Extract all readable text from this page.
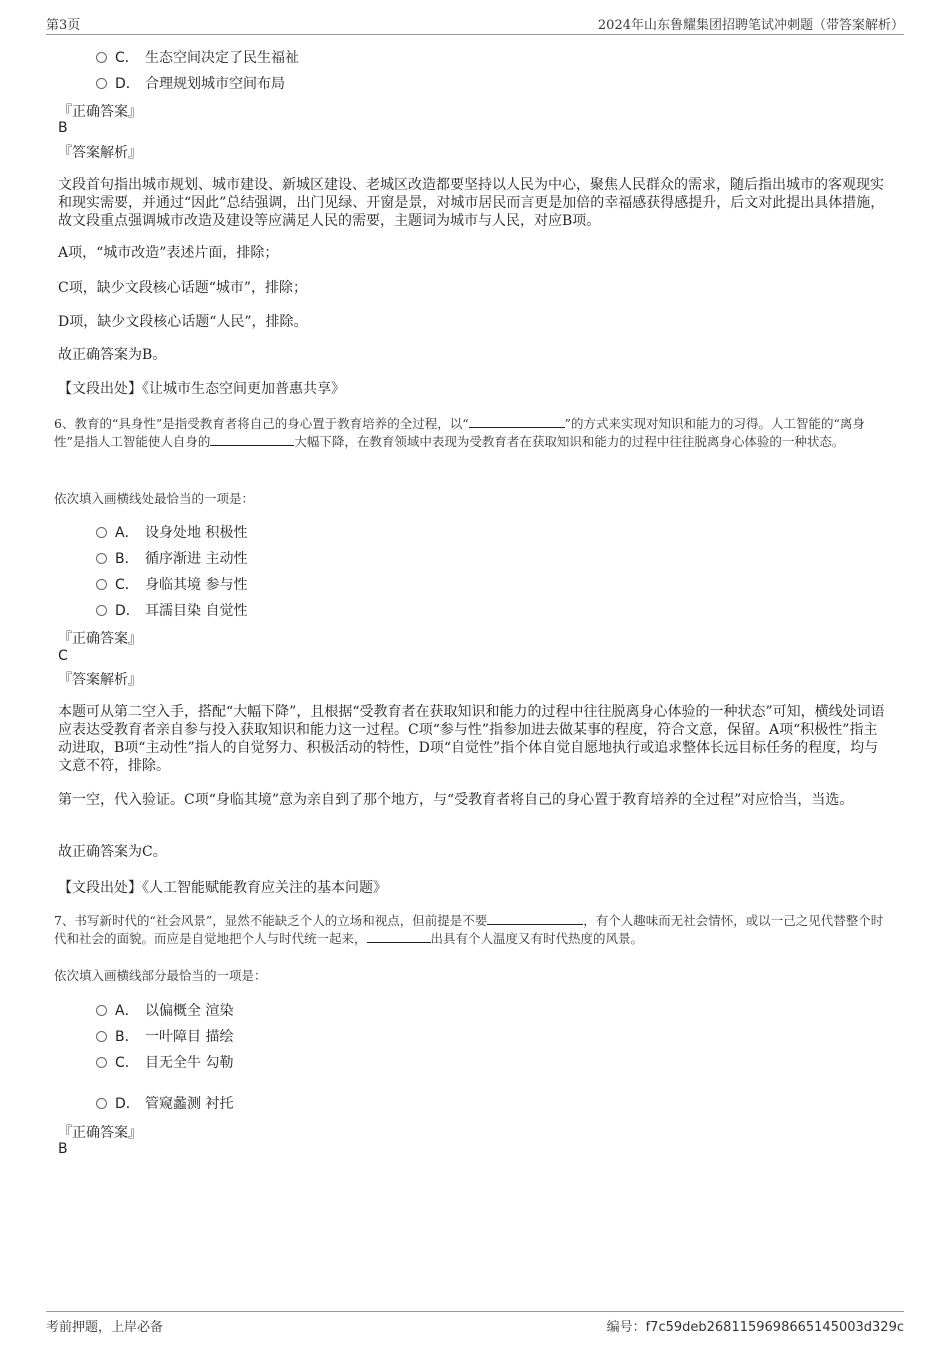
第3页	2024年山东鲁耀集团招聘笔试冲刺题（带答案解析）
C． 生态空间决定了民生福祉
D． 合理规划城市空间布局
『正确答案』
B
『答案解析』
文段首句指出城市规划、城市建设、新城区建设、老城区改造都要坚持以人民为中心，聚焦人民群众的需求，随后指出城市的客观现实和现实需要，并通过“因此”总结强调，出门见绿、开窗是景，对城市居民而言更是加倍的幸福感获得感提升，后文对此提出具体措施，故文段重点强调城市改造及建设等应满足人民的需要，主题词为城市与人民，对应B项。
A项，“城市改造”表述片面，排除；
C项，缺少文段核心话题“城市”，排除；
D项，缺少文段核心话题“人民”，排除。
故正确答案为B。
【文段出处】《让城市生态空间更加普惠共享》
6、教育的“具身性”是指受教育者将自己的身心置于教育培养的全过程，以“	”的方式来实现对知识和能力的习得。人工智能的“离身性”是指人工智能使人自身的	大幅下降，在教育领域中表现为受教育者在获取知识和能力的过程中往往脱离身心体验的一种状态。
依次填入画横线处最恰当的一项是：
A． 设身处地 积极性
B． 循序渐进 主动性
C． 身临其境 参与性
D． 耳濡目染 自觉性
『正确答案』
C
『答案解析』
本题可从第二空入手，搭配“大幅下降”，且根据“受教育者在获取知识和能力的过程中往往脱离身心体验的一种状态”可知，横线处词语应表达受教育者亲自参与投入获取知识和能力这一过程。C项“参与性”指参加进去做某事的程度，符合文意，保留。A项“积极性”指主动进取，B项“主动性”指人的自觉努力、积极活动的特性，D项“自觉性”指个体自觉自愿地执行或追求整体长远目标任务的程度，均与文意不符，排除。
第一空，代入验证。C项“身临其境”意为亲自到了那个地方，与“受教育者将自己的身心置于教育培养的全过程”对应恰当，当选。
故正确答案为C。
【文段出处】《人工智能赋能教育应关注的基本问题》
7、书写新时代的“社会风景”，显然不能缺乏个人的立场和视点，但前提是不要	，有个人趣味而无社会情怀，或以一己之见代替整个时代和社会的面貌。而应是自觉地把个人与时代统一起来，	出具有个人温度又有时代热度的风景。
依次填入画横线部分最恰当的一项是：
A． 以偏概全 渲染
B． 一叶障目 描绘
C． 目无全牛 勾勒
D． 管窥蠡测 衬托
『正确答案』
B
考前押题，上岸必备	编号：f7c59deb2681159698665145003d329c
